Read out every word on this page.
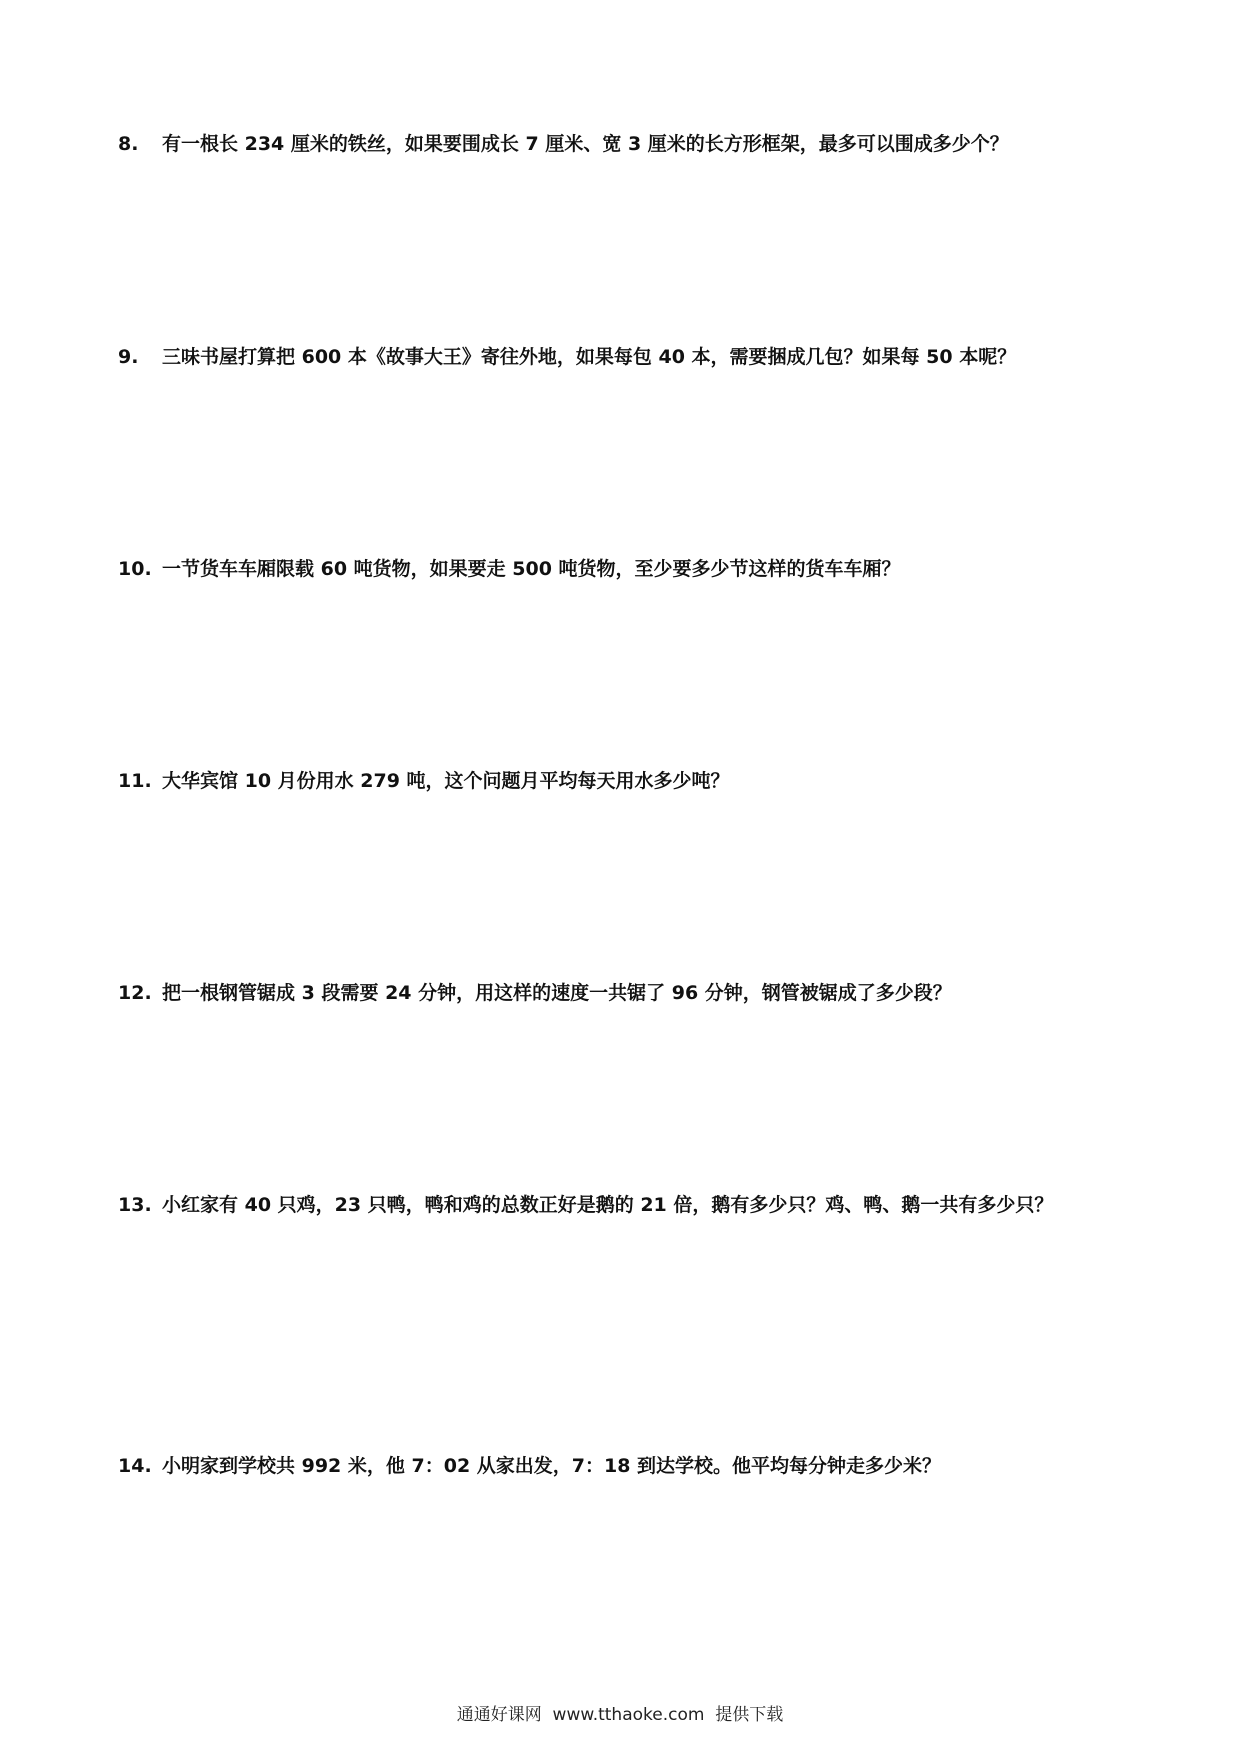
8.	有一根长 234 厘米的铁丝，如果要围成长 7 厘米、宽 3 厘米的长方形框架，最多可以围成多少个？
9.	三味书屋打算把 600 本《故事大王》寄往外地，如果每包 40 本，需要捆成几包？如果每 50 本呢？
10. 一节货车车厢限载 60 吨货物，如果要走 500 吨货物，至少要多少节这样的货车车厢？
11. 大华宾馆 10 月份用水 279 吨，这个问题月平均每天用水多少吨？
12. 把一根钢管锯成 3 段需要 24 分钟，用这样的速度一共锯了 96 分钟，钢管被锯成了多少段？
13. 小红家有 40 只鸡，23 只鸭，鸭和鸡的总数正好是鹅的 21 倍，鹅有多少只？鸡、鸭、鹅一共有多少只？
14. 小明家到学校共 992 米，他 7：02 从家出发，7：18 到达学校。他平均每分钟走多少米？
通通好课网  www.tthaoke.com  提供下载
